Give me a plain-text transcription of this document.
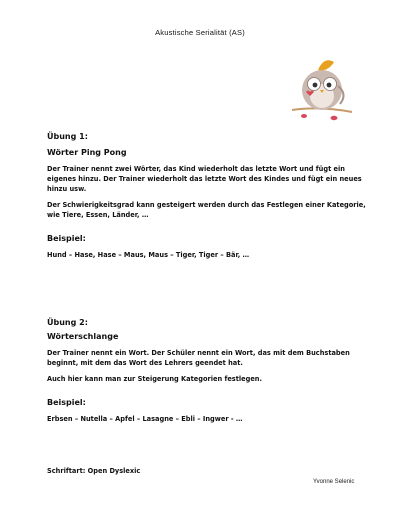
Akustische Serialität (AS)
Übung 1:
Wörter Ping Pong
Der Trainer nennt zwei Wörter, das Kind wiederholt das letzte Wort und fügt ein eigenes hinzu. Der Trainer wiederholt das letzte Wort des Kindes und fügt ein neues hinzu usw.
Der Schwierigkeitsgrad kann gesteigert werden durch das Festlegen einer Kategorie, wie Tiere, Essen, Länder, …
Beispiel:
Hund – Hase, Hase – Maus, Maus – Tiger, Tiger – Bär, …
Übung 2:
Wörterschlange
Der Trainer nennt ein Wort. Der Schüler nennt ein Wort, das mit dem Buchstaben beginnt, mit dem das Wort des Lehrers geendet hat.
Auch hier kann man zur Steigerung Kategorien festlegen.
Beispiel:
Erbsen – Nutella – Apfel – Lasagne – Ebli – Ingwer - …
Schriftart: Open Dyslexic
Yvonne Selenic
